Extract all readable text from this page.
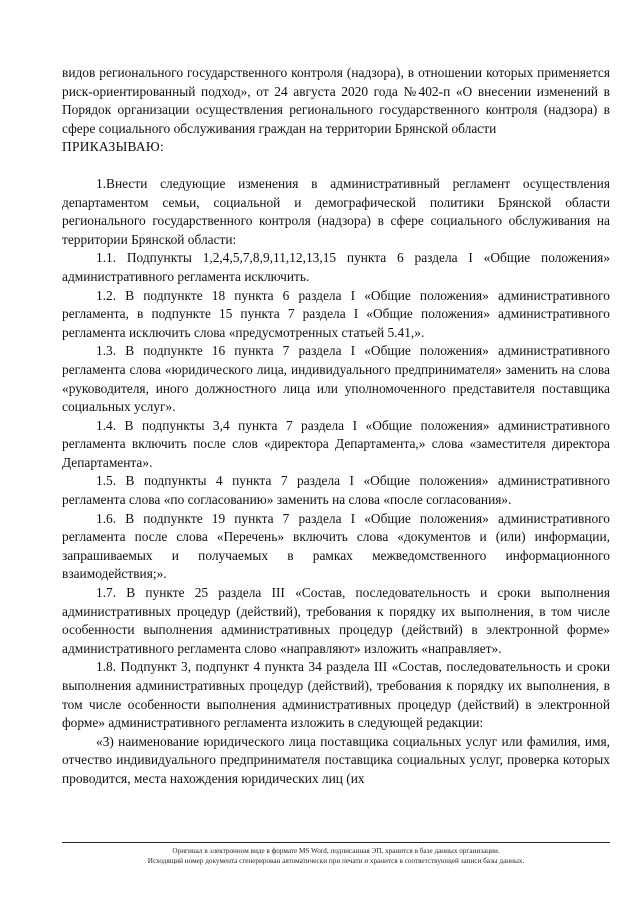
видов регионального государственного контроля (надзора), в отношении которых применяется риск-ориентированный подход», от 24 августа 2020 года №402-п «О внесении изменений в Порядок организации осуществления регионального государственного контроля (надзора) в сфере социального обслуживания граждан на территории Брянской области

ПРИКАЗЫВАЮ:

1.Внести следующие изменения в административный регламент осуществления департаментом семьи, социальной и демографической политики Брянской области регионального государственного контроля (надзора) в сфере социального обслуживания на территории Брянской области:

1.1. Подпункты 1,2,4,5,7,8,9,11,12,13,15 пункта 6 раздела I «Общие положения» административного регламента исключить.

1.2. В подпункте 18 пункта 6 раздела I «Общие положения» административного регламента, в подпункте 15 пункта 7 раздела I «Общие положения» административного регламента исключить слова «предусмотренных статьей 5.41,».

1.3. В подпункте 16 пункта 7 раздела I «Общие положения» административного регламента слова «юридического лица, индивидуального предпринимателя» заменить на слова «руководителя, иного должностного лица или уполномоченного представителя поставщика социальных услуг».

1.4. В подпункты 3,4 пункта 7 раздела I «Общие положения» административного регламента включить после слов «директора Департамента,» слова «заместителя директора Департамента».

1.5. В подпункты 4 пункта 7 раздела I «Общие положения» административного регламента слова «по согласованию» заменить на слова «после согласования».

1.6. В подпункте 19 пункта 7 раздела I «Общие положения» административного регламента после слова «Перечень» включить слова «документов и (или) информации, запрашиваемых и получаемых в рамках межведомственного информационного взаимодействия;».

1.7. В пункте 25 раздела III «Состав, последовательность и сроки выполнения административных процедур (действий), требования к порядку их выполнения, в том числе особенности выполнения административных процедур (действий) в электронной форме» административного регламента слово «направляют» изложить «направляет».

1.8. Подпункт 3, подпункт 4 пункта 34 раздела III «Состав, последовательность и сроки выполнения административных процедур (действий), требования к порядку их выполнения, в том числе особенности выполнения административных процедур (действий) в электронной форме» административного регламента изложить в следующей редакции:

«3) наименование юридического лица поставщика социальных услуг или фамилия, имя, отчество индивидуального предпринимателя поставщика социальных услуг, проверка которых проводится, места нахождения юридических лиц (их

Оригинал в электронном виде в формате MS Word, подписанная ЭП, хранится в базе данных организации.
Исходящий номер документа сгенерирован автоматически при печати и хранится в соответствующей записи базы данных.
